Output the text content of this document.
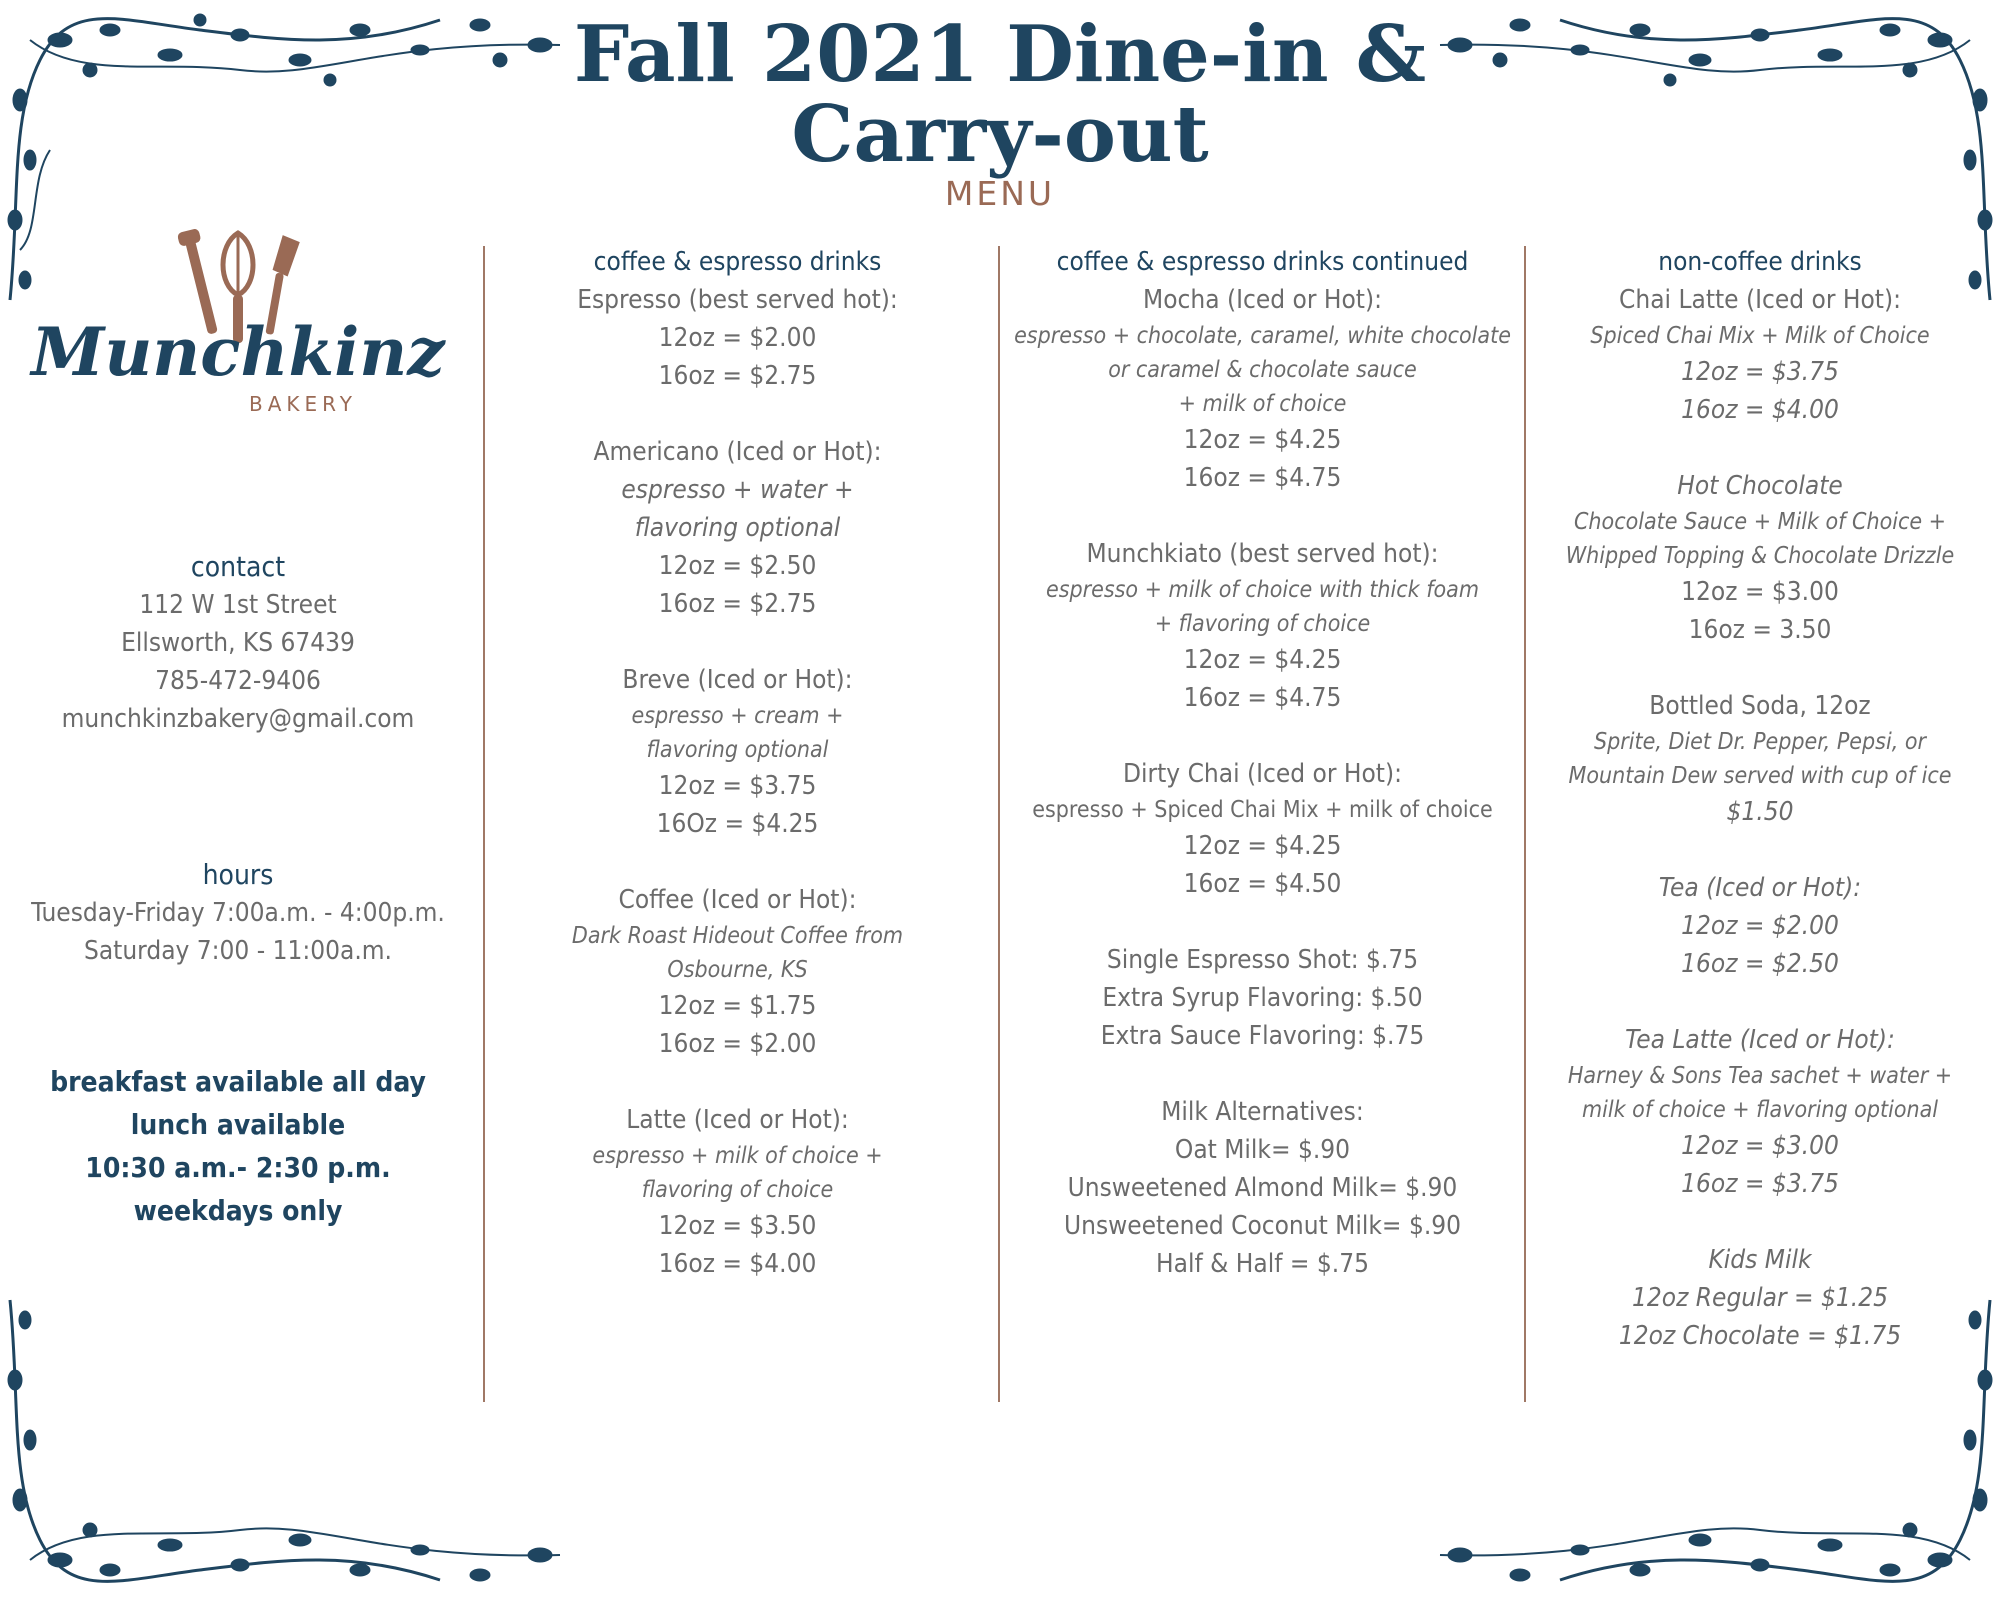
Fall 2021 Dine-in &
Carry-out
MENU
Munchkinz
BAKERY
contact
112 W 1st Street
Ellsworth, KS 67439
785-472-9406
munchkinzbakery@gmail.com
hours
Tuesday-Friday 7:00a.m. - 4:00p.m.
Saturday 7:00 - 11:00a.m.
breakfast available all day
lunch available
10:30 a.m.- 2:30 p.m.
weekdays only
coffee & espresso drinks
Espresso (best served hot):
12oz = $2.00
16oz = $2.75
Americano (Iced or Hot):
espresso + water +
flavoring optional
12oz = $2.50
16oz = $2.75
Breve (Iced or Hot):
espresso + cream +
flavoring optional
12oz = $3.75
16Oz = $4.25
Coffee (Iced or Hot):
Dark Roast Hideout Coffee from
Osbourne, KS
12oz = $1.75
16oz = $2.00
Latte (Iced or Hot):
espresso + milk of choice +
flavoring of choice
12oz = $3.50
16oz = $4.00
coffee & espresso drinks continued
Mocha (Iced or Hot):
espresso + chocolate, caramel, white chocolate
or caramel & chocolate sauce
+ milk of choice
12oz = $4.25
16oz = $4.75
Munchkiato (best served hot):
espresso + milk of choice with thick foam
+ flavoring of choice
12oz = $4.25
16oz = $4.75
Dirty Chai (Iced or Hot):
espresso + Spiced Chai Mix + milk of choice
12oz = $4.25
16oz = $4.50
Single Espresso Shot: $.75
Extra Syrup Flavoring: $.50
Extra Sauce Flavoring: $.75
Milk Alternatives:
Oat Milk= $.90
Unsweetened Almond Milk= $.90
Unsweetened Coconut Milk= $.90
Half & Half = $.75
non-coffee drinks
Chai Latte (Iced or Hot):
Spiced Chai Mix + Milk of Choice
12oz = $3.75
16oz = $4.00
Hot Chocolate
Chocolate Sauce + Milk of Choice +
Whipped Topping & Chocolate Drizzle
12oz = $3.00
16oz = 3.50
Bottled Soda, 12oz
Sprite, Diet Dr. Pepper, Pepsi, or
Mountain Dew served with cup of ice
$1.50
Tea (Iced or Hot):
12oz = $2.00
16oz = $2.50
Tea Latte (Iced or Hot):
Harney & Sons Tea sachet + water +
milk of choice + flavoring optional
12oz = $3.00
16oz = $3.75
Kids Milk
12oz Regular = $1.25
12oz Chocolate = $1.75
